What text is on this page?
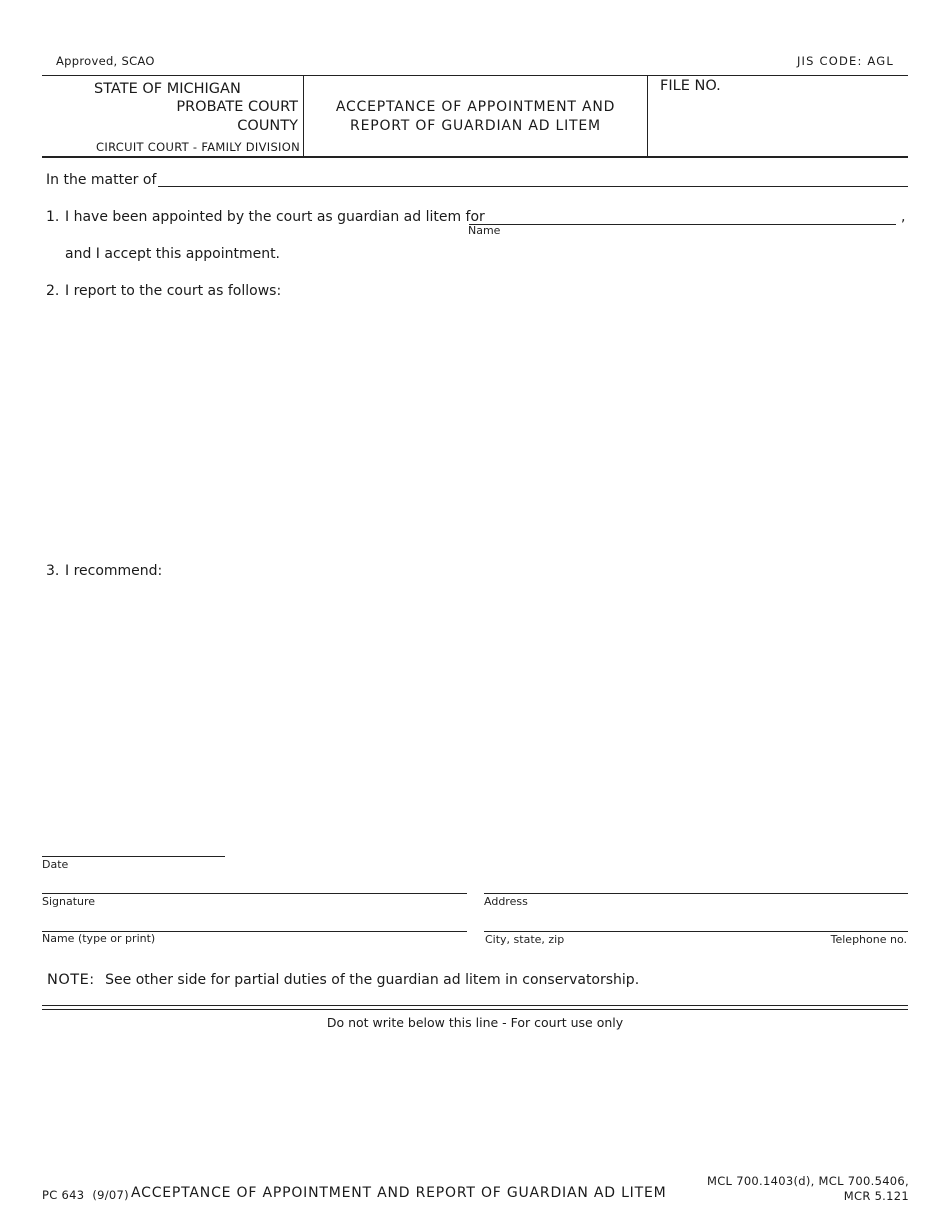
Approved, SCAO	JIS CODE: AGL
STATE OF MICHIGAN
PROBATE COURT
COUNTY
CIRCUIT COURT - FAMILY DIVISION
ACCEPTANCE OF APPOINTMENT AND
REPORT OF GUARDIAN AD LITEM
FILE NO.
In the matter of
1. I have been appointed by the court as guardian ad litem for	,
Name
and I accept this appointment.
2. I report to the court as follows:
3. I recommend:
Date
Signature	Address
Name (type or print)	City, state, zip	Telephone no.
NOTE: See other side for partial duties of the guardian ad litem in conservatorship.
Do not write below this line - For court use only
PC 643 (9/07) ACCEPTANCE OF APPOINTMENT AND REPORT OF GUARDIAN AD LITEM
MCL 700.1403(d), MCL 700.5406,
MCR 5.121
